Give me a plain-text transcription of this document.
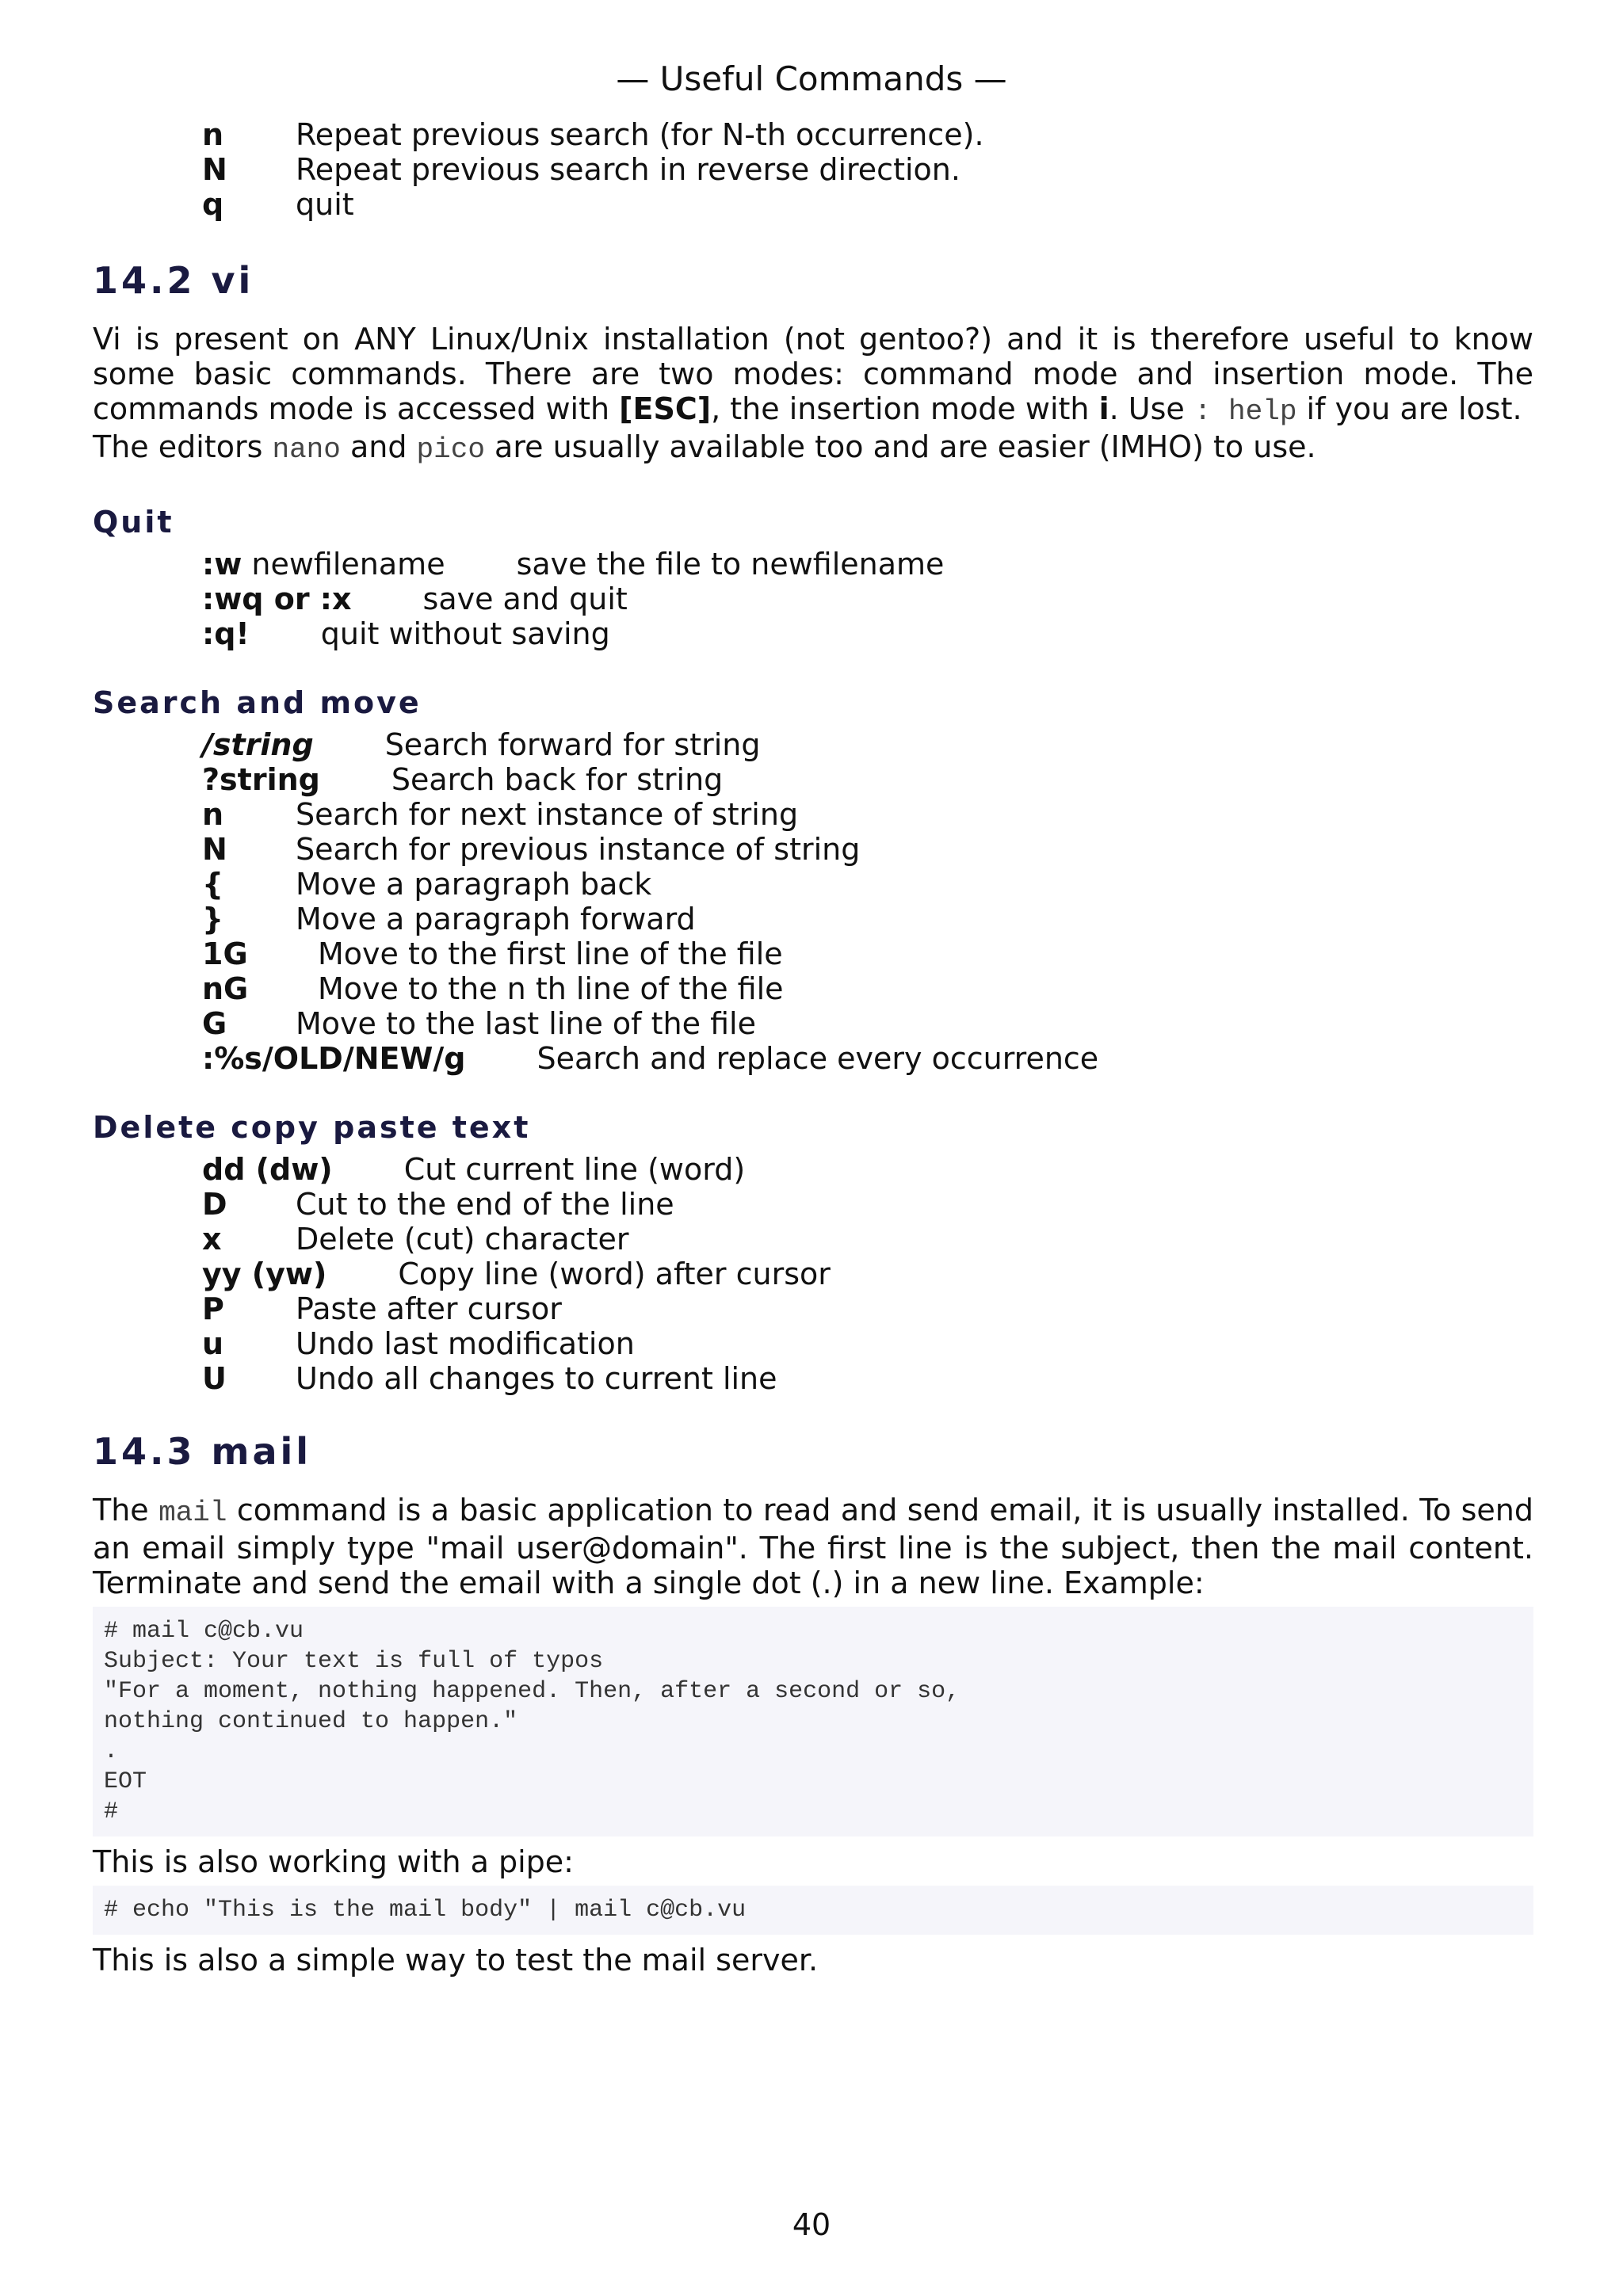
— Useful Commands —
n Repeat previous search (for N-th occurrence).
N Repeat previous search in reverse direction.
q quit
14.2 vi

Vi is present on ANY Linux/Unix installation (not gentoo?) and it is therefore useful to know some basic commands. There are two modes: command mode and insertion mode. The commands mode is accessed with [ESC], the insertion mode with i. Use : help if you are lost.

The editors nano and pico are usually available too and are easier (IMHO) to use.

Quit
:w newfilename save the file to newfilename
:wq or :x save and quit
:q! quit without saving
Search and move
/string Search forward for string
?string Search back for string
n Search for next instance of string
N Search for previous instance of string
{ Move a paragraph back
} Move a paragraph forward
1G Move to the first line of the file
nG Move to the n th line of the file
G Move to the last line of the file
:%s/OLD/NEW/g Search and replace every occurrence
Delete copy paste text
dd (dw) Cut current line (word)
D Cut to the end of the line
x Delete (cut) character
yy (yw) Copy line (word) after cursor
P Paste after cursor
u Undo last modification
U Undo all changes to current line
14.3 mail

The mail command is a basic application to read and send email, it is usually installed. To send an email simply type "mail user@domain". The first line is the subject, then the mail content. Terminate and send the email with a single dot (.) in a new line. Example:

# mail c@cb.vu
Subject: Your text is full of typos
"For a moment, nothing happened. Then, after a second or so,
nothing continued to happen."
.
EOT
#

This is also working with a pipe:

# echo "This is the mail body" | mail c@cb.vu

This is also a simple way to test the mail server.

40
